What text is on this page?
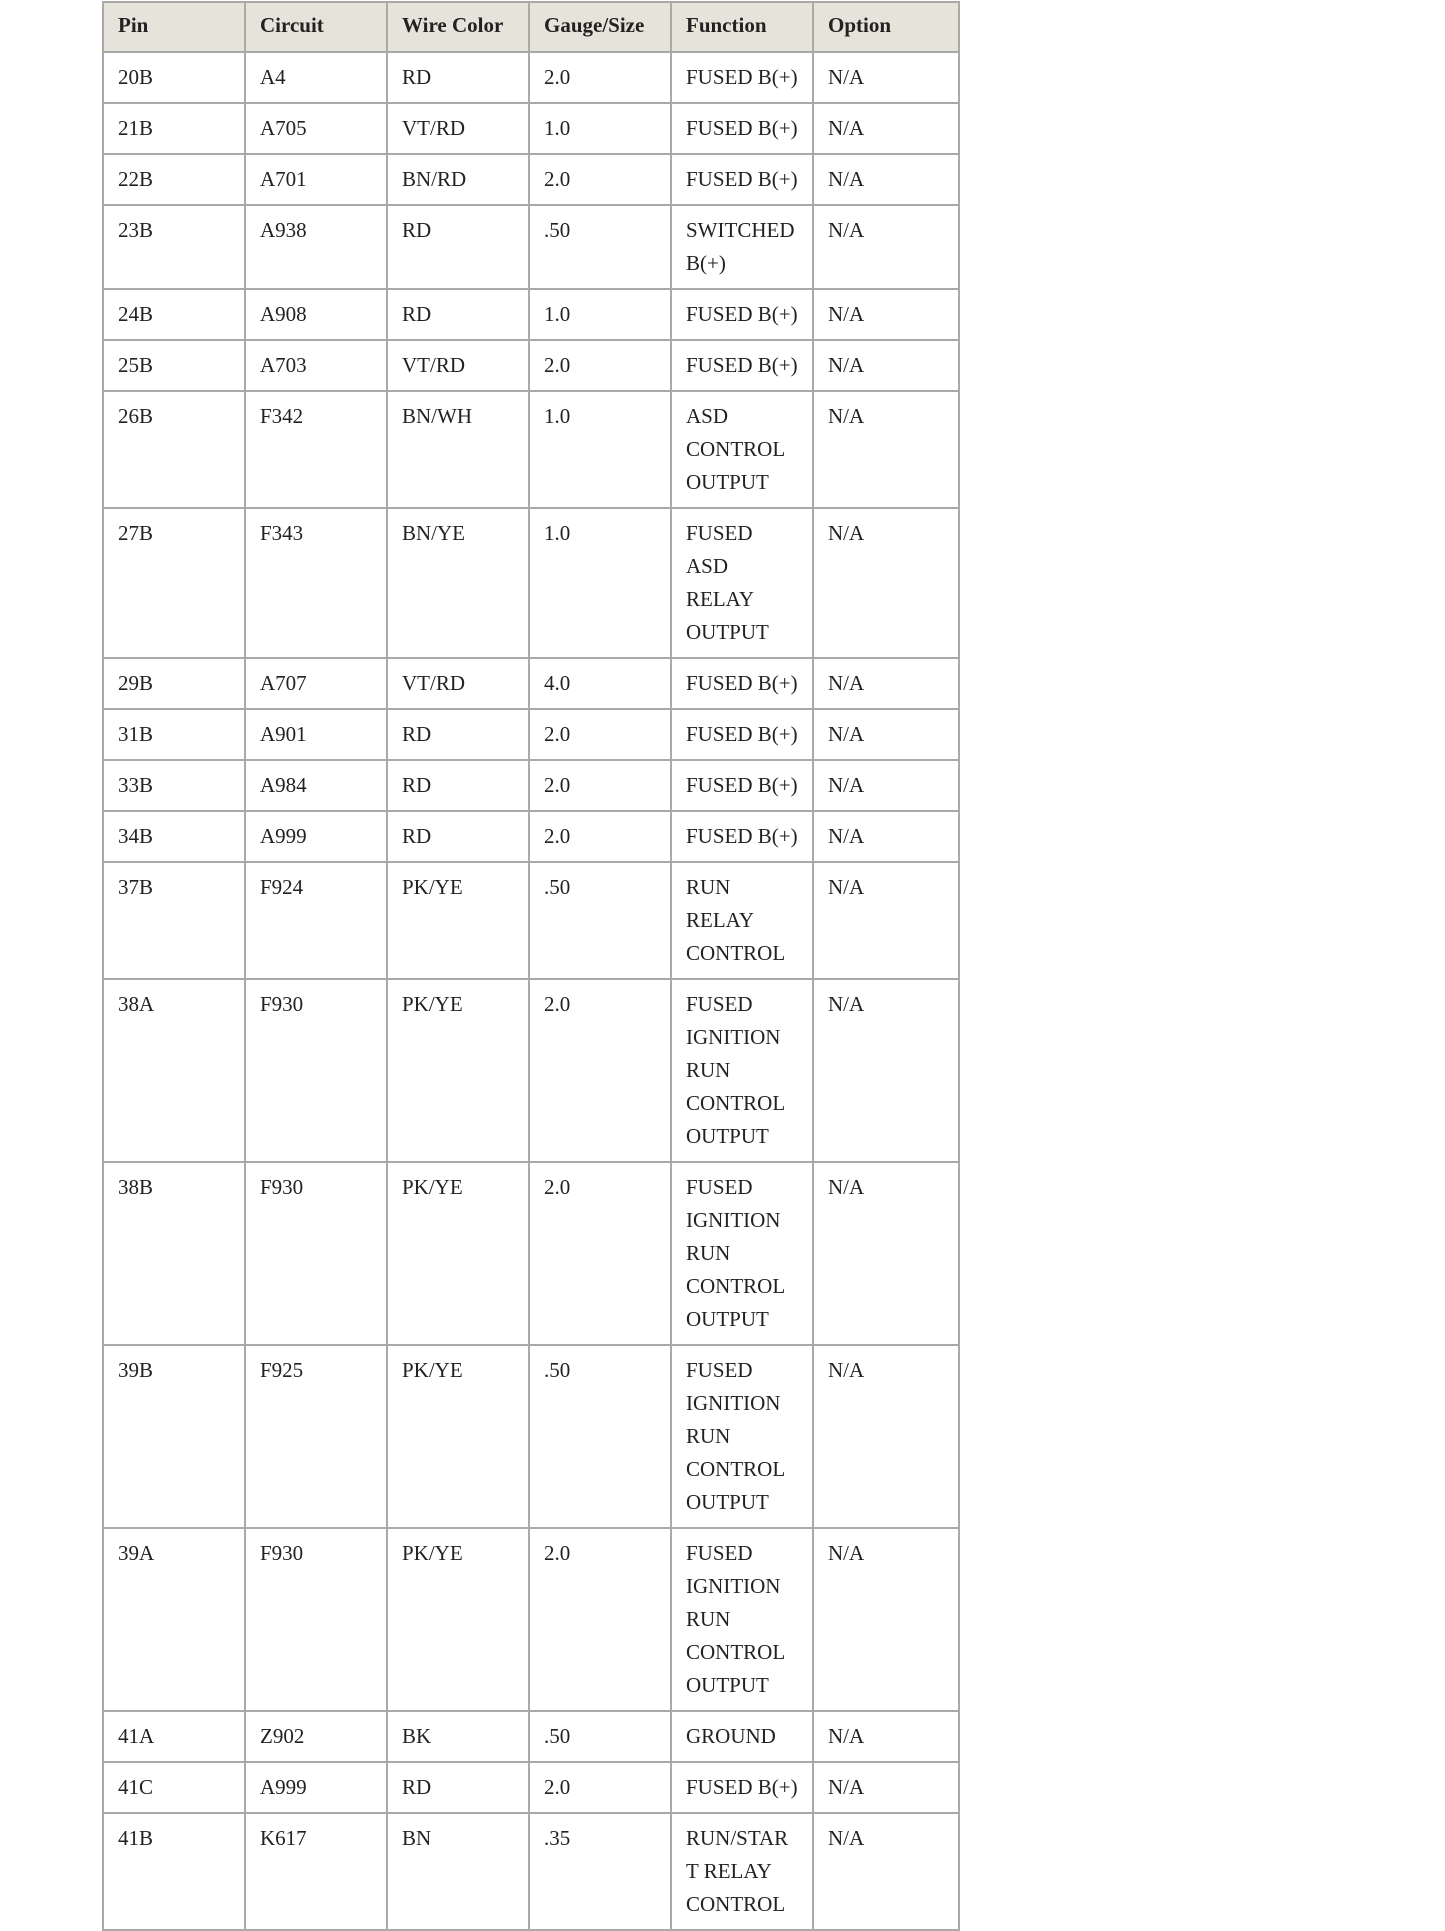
Pin	Circuit	Wire Color	Gauge/Size	Function	Option
20B	A4	RD	2.0	FUSED B(+)	N/A
21B	A705	VT/RD	1.0	FUSED B(+)	N/A
22B	A701	BN/RD	2.0	FUSED B(+)	N/A
23B	A938	RD	.50	SWITCHED B(+)	N/A
24B	A908	RD	1.0	FUSED B(+)	N/A
25B	A703	VT/RD	2.0	FUSED B(+)	N/A
26B	F342	BN/WH	1.0	ASD CONTROL OUTPUT	N/A
27B	F343	BN/YE	1.0	FUSED ASD RELAY OUTPUT	N/A
29B	A707	VT/RD	4.0	FUSED B(+)	N/A
31B	A901	RD	2.0	FUSED B(+)	N/A
33B	A984	RD	2.0	FUSED B(+)	N/A
34B	A999	RD	2.0	FUSED B(+)	N/A
37B	F924	PK/YE	.50	RUN RELAY CONTROL	N/A
38A	F930	PK/YE	2.0	FUSED IGNITION RUN CONTROL OUTPUT	N/A
38B	F930	PK/YE	2.0	FUSED IGNITION RUN CONTROL OUTPUT	N/A
39B	F925	PK/YE	.50	FUSED IGNITION RUN CONTROL OUTPUT	N/A
39A	F930	PK/YE	2.0	FUSED IGNITION RUN CONTROL OUTPUT	N/A
41A	Z902	BK	.50	GROUND	N/A
41C	A999	RD	2.0	FUSED B(+)	N/A
41B	K617	BN	.35	RUN/START RELAY CONTROL	N/A
